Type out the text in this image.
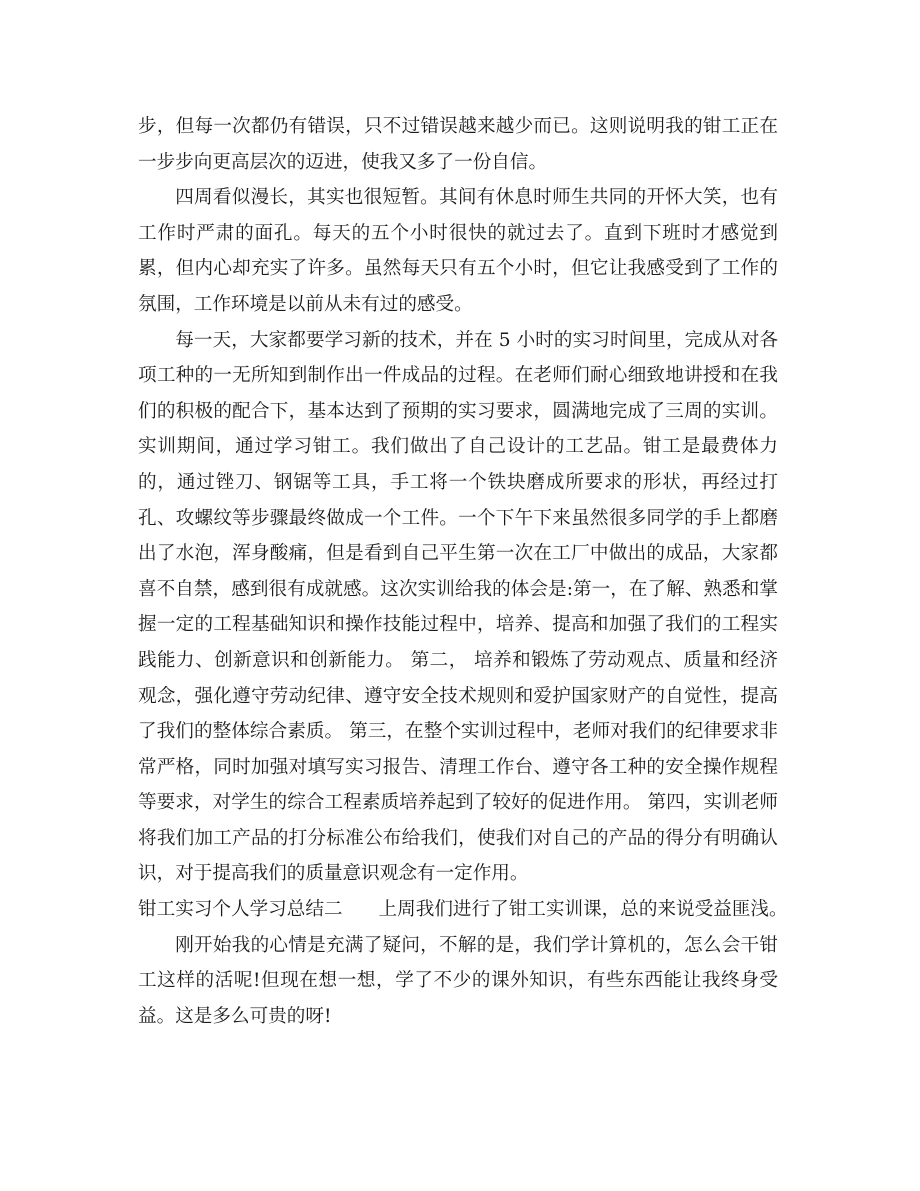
步，但每一次都仍有错误，只不过错误越来越少而已。这则说明我的钳工正在一步步向更高层次的迈进，使我又多了一份自信。

四周看似漫长，其实也很短暂。其间有休息时师生共同的开怀大笑，也有工作时严肃的面孔。每天的五个小时很快的就过去了。直到下班时才感觉到累，但内心却充实了许多。虽然每天只有五个小时，但它让我感受到了工作的氛围，工作环境是以前从未有过的感受。

每一天，大家都要学习新的技术，并在 5 小时的实习时间里，完成从对各项工种的一无所知到制作出一件成品的过程。在老师们耐心细致地讲授和在我们的积极的配合下，基本达到了预期的实习要求，圆满地完成了三周的实训。实训期间，通过学习钳工。我们做出了自己设计的工艺品。钳工是最费体力的，通过锉刀、钢锯等工具，手工将一个铁块磨成所要求的形状，再经过打孔、攻螺纹等步骤最终做成一个工件。一个下午下来虽然很多同学的手上都磨出了水泡，浑身酸痛，但是看到自己平生第一次在工厂中做出的成品，大家都喜不自禁，感到很有成就感。这次实训给我的体会是:第一，在了解、熟悉和掌握一定的工程基础知识和操作技能过程中，培养、提高和加强了我们的工程实践能力、创新意识和创新能力。 第二， 培养和锻炼了劳动观点、质量和经济观念，强化遵守劳动纪律、遵守安全技术规则和爱护国家财产的自觉性，提高了我们的整体综合素质。 第三，在整个实训过程中，老师对我们的纪律要求非常严格，同时加强对填写实习报告、清理工作台、遵守各工种的安全操作规程等要求，对学生的综合工程素质培养起到了较好的促进作用。 第四，实训老师将我们加工产品的打分标准公布给我们，使我们对自己的产品的得分有明确认识，对于提高我们的质量意识观念有一定作用。

钳工实习个人学习总结二 上周我们进行了钳工实训课，总的来说受益匪浅。

刚开始我的心情是充满了疑问，不解的是，我们学计算机的，怎么会干钳工这样的活呢!但现在想一想，学了不少的课外知识，有些东西能让我终身受益。这是多么可贵的呀!
